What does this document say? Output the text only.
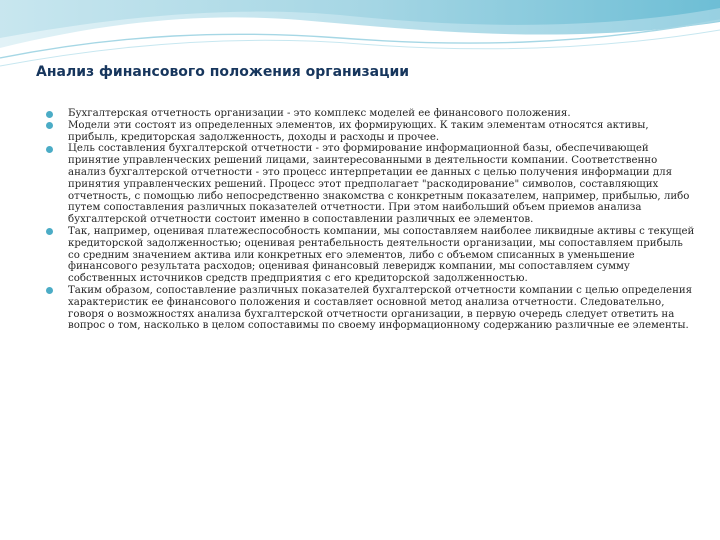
Анализ финансового положения организации
Бухгалтерская отчетность организации - это комплекс моделей ее финансового положения.
Модели эти состоят из определенных элементов, их формирующих. К таким элементам относятся активы, прибыль, кредиторская задолженность, доходы и расходы и прочее.
Цель составления бухгалтерской отчетности - это формирование информационной базы, обеспечивающей принятие управленческих решений лицами, заинтересованными в деятельности компании. Соответственно анализ бухгалтерской отчетности - это процесс интерпретации ее данных с целью получения информации для принятия управленческих решений. Процесс этот предполагает "раскодирование" символов, составляющих отчетность, с помощью либо непосредственно знакомства с конкретным показателем, например, прибылью, либо путем сопоставления различных показателей отчетности. При этом наибольший объем приемов анализа бухгалтерской отчетности состоит именно в сопоставлении различных ее элементов.
Так, например, оценивая платежеспособность компании, мы сопоставляем наиболее ликвидные активы с текущей кредиторской задолженностью; оценивая рентабельность деятельности организации, мы сопоставляем прибыль со средним значением актива или конкретных его элементов, либо с объемом списанных в уменьшение финансового результата расходов; оценивая финансовый леверидж компании, мы сопоставляем сумму собственных источников средств предприятия с его кредиторской задолженностью.
Таким образом, сопоставление различных показателей бухгалтерской отчетности компании с целью определения характеристик ее финансового положения и составляет основной метод анализа отчетности. Следовательно, говоря о возможностях анализа бухгалтерской отчетности организации, в первую очередь следует ответить на вопрос о том, насколько в целом сопоставимы по своему информационному содержанию различные ее элементы.
